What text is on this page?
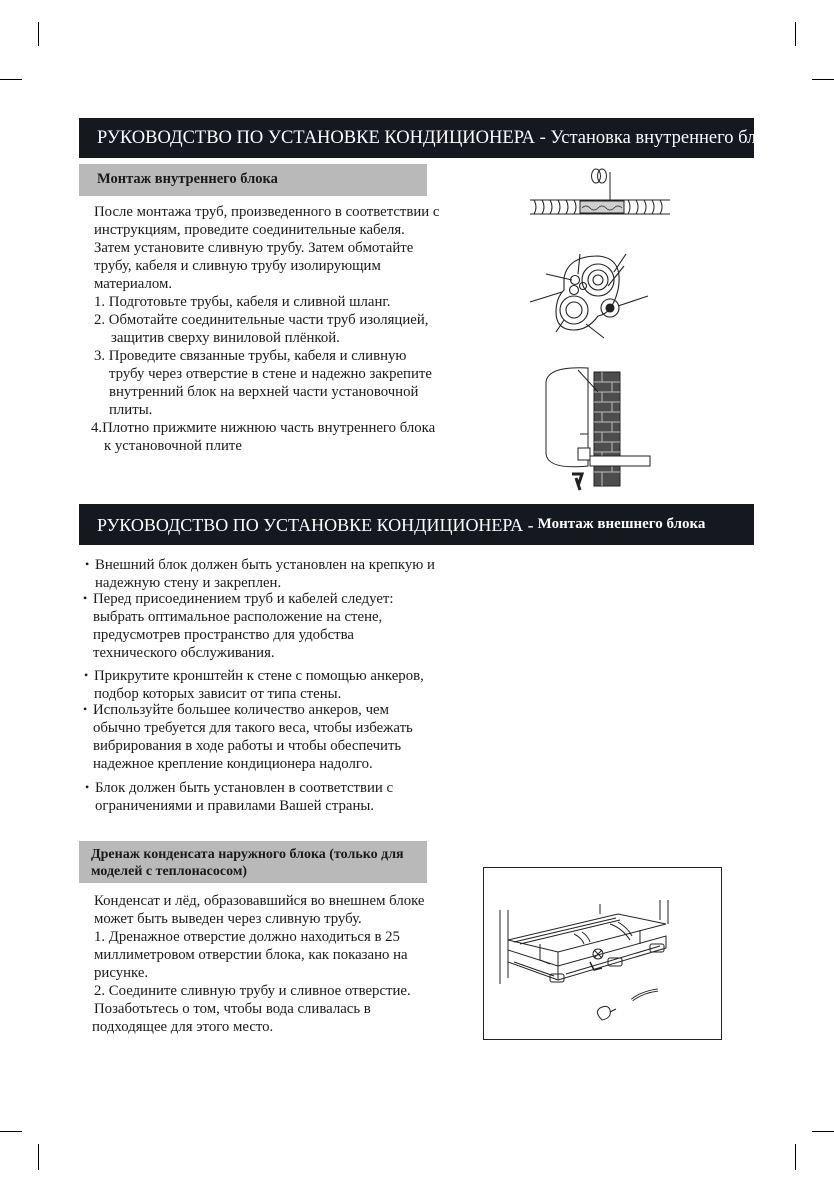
РУКОВОДСТВО ПО УСТАНОВКЕ КОНДИЦИОНЕРА - Установка внутреннего блока
Монтаж внутреннего блока

После монтажа труб, произведенного в соответствии с

инструкциям, проведите соединительные кабеля.

Затем установите сливную трубу. Затем обмотайте

трубу, кабеля и сливную трубу изолирующим

материалом.

1. Подготовьте трубы, кабеля и сливной шланг.

2. Обмотайте соединительные части труб изоляцией,

защитив сверху виниловой плёнкой.

3. Проведите связанные трубы, кабеля и сливную

трубу через отверстие в стене и надежно закрепите

внутренний блок на верхней части установочной

плиты.

4.Плотно прижмите нижнюю часть внутреннего блока

к установочной плите

РУКОВОДСТВО ПО УСТАНОВКЕ КОНДИЦИОНЕРА - Монтаж внешнего блока
• Внешний блок должен быть установлен на крепкую и
надежную стену и закреплен.
• Перед присоединением труб и кабелей следует:
выбрать оптимальное расположение на стене,
предусмотрев пространство для удобства
технического обслуживания.
• Прикрутите кронштейн к стене с помощью анкеров,
подбор которых зависит от типа стены.
• Используйте большее количество анкеров, чем
обычно требуется для такого веса, чтобы избежать
вибрирования в ходе работы и чтобы обеспечить
надежное крепление кондиционера надолго.
• Блок должен быть установлен в соответствии с
ограничениями и правилами Вашей страны.
Дренаж конденсата наружного блока (только для
моделей с теплонасосом)

Конденсат и лёд, образовавшийся во внешнем блоке

может быть выведен через сливную трубу.

1. Дренажное отверстие должно находиться в 25

миллиметровом отверстии блока, как показано на

рисунке.

2. Соедините сливную трубу и сливное отверстие.

Позаботьтесь о том, чтобы вода сливалась в

подходящее для этого место.
